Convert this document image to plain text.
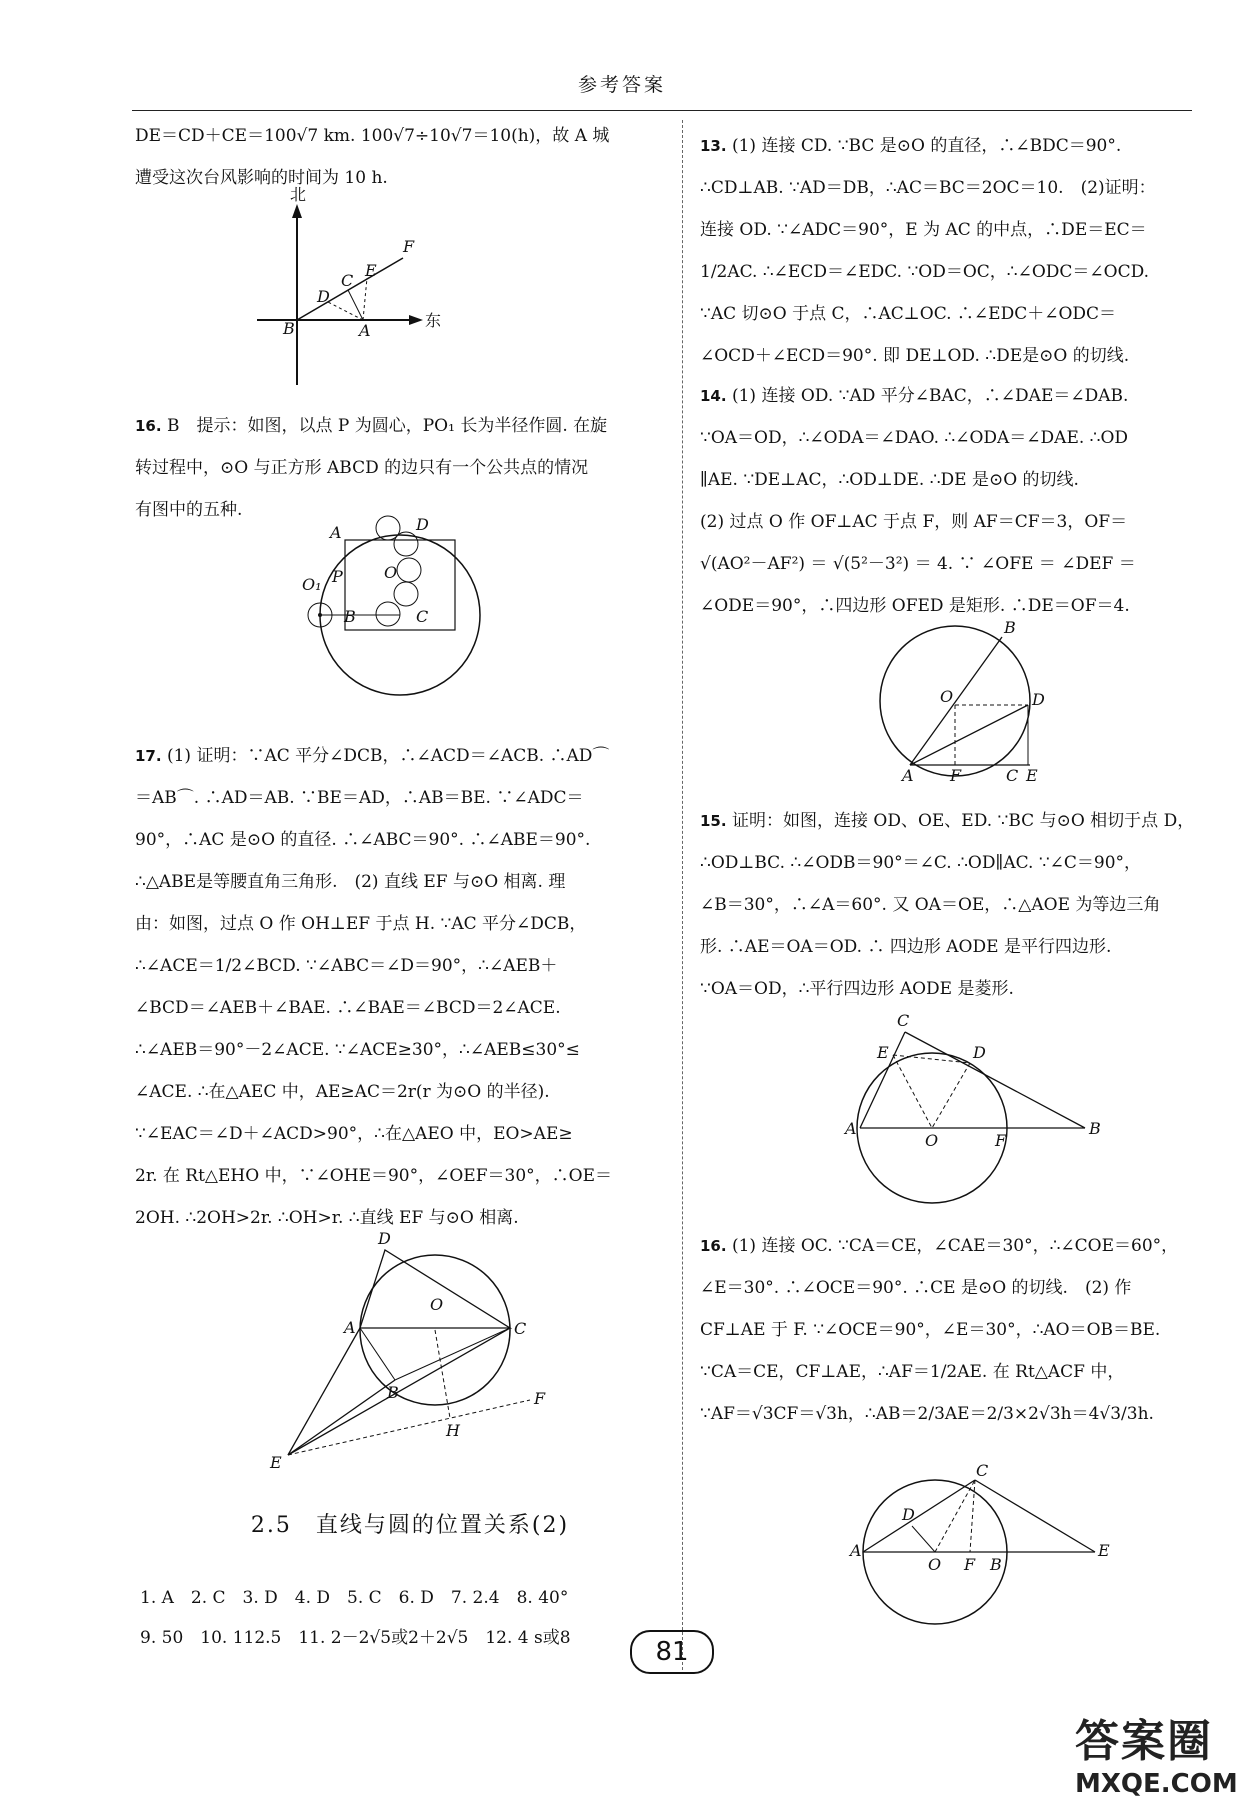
参考答案

DE＝CD＋CE＝100√7 km. 100√7÷10√7＝10(h)，故 A 城

遭受这次台风影响的时间为 10 h.

北
东
B	A
D
C
E
F

16. B　提示：如图，以点 P 为圆心，PO₁ 长为半径作圆. 在旋

转过程中，⊙O 与正方形 ABCD 的边只有一个公共点的情况

有图中的五种.

A	D
B	C
P	O
O₁

17. (1) 证明：∵AC 平分∠DCB，∴∠ACD＝∠ACB. ∴AD⌒

＝AB⌒. ∴AD＝AB. ∵BE＝AD，∴AB＝BE. ∵∠ADC＝

90°，∴AC 是⊙O 的直径. ∴∠ABC＝90°. ∴∠ABE＝90°.

∴△ABE是等腰直角三角形.　(2) 直线 EF 与⊙O 相离. 理

由：如图，过点 O 作 OH⊥EF 于点 H. ∵AC 平分∠DCB，

∴∠ACE＝1/2∠BCD. ∵∠ABC＝∠D＝90°，∴∠AEB＋

∠BCD＝∠AEB＋∠BAE. ∴∠BAE＝∠BCD＝2∠ACE.

∴∠AEB＝90°－2∠ACE. ∵∠ACE≥30°，∴∠AEB≤30°≤

∠ACE. ∴在△AEC 中，AE≥AC＝2r(r 为⊙O 的半径).

∵∠EAC＝∠D＋∠ACD>90°，∴在△AEO 中，EO>AE≥

2r. 在 Rt△EHO 中，∵∠OHE＝90°，∠OEF＝30°，∴OE＝

2OH. ∴2OH>2r. ∴OH>r. ∴直线 EF 与⊙O 相离.

D
A
O
C
B
H
F
E
2.5　直线与圆的位置关系(2)
1. A　2. C　3. D　4. D　5. C　6. D　7. 2.4　8. 40°
9. 50　10. 112.5　11. 2－2√5或2＋2√5　12. 4 s或8

13. (1) 连接 CD. ∵BC 是⊙O 的直径，∴∠BDC＝90°.

∴CD⊥AB. ∵AD＝DB，∴AC＝BC＝2OC＝10.　(2)证明：

连接 OD. ∵∠ADC＝90°，E 为 AC 的中点，∴DE＝EC＝

1/2AC. ∴∠ECD＝∠EDC. ∵OD＝OC，∴∠ODC＝∠OCD.

∵AC 切⊙O 于点 C，∴AC⊥OC. ∴∠EDC＋∠ODC＝

∠OCD＋∠ECD＝90°. 即 DE⊥OD. ∴DE是⊙O 的切线.

14. (1) 连接 OD. ∵AD 平分∠BAC，∴∠DAE＝∠DAB.

∵OA＝OD，∴∠ODA＝∠DAO. ∴∠ODA＝∠DAE. ∴OD

∥AE. ∵DE⊥AC，∴OD⊥DE. ∴DE 是⊙O 的切线.

(2) 过点 O 作 OF⊥AC 于点 F，则 AF＝CF＝3，OF＝

√(AO²－AF²) ＝ √(5²－3²) ＝ 4. ∵ ∠OFE ＝ ∠DEF ＝

∠ODE＝90°，∴四边形 OFED 是矩形. ∴DE＝OF＝4.

B
O	D
A F	C E

15. 证明：如图，连接 OD、OE、ED. ∵BC 与⊙O 相切于点 D，

∴OD⊥BC. ∴∠ODB＝90°＝∠C. ∴OD∥AC. ∵∠C＝90°，

∠B＝30°，∴∠A＝60°. 又 OA＝OE，∴△AOE 为等边三角

形. ∴AE＝OA＝OD. ∴ 四边形 AODE 是平行四边形.

∵OA＝OD，∴平行四边形 AODE 是菱形.

C
E	D
A
O	F
B

16. (1) 连接 OC. ∵CA＝CE，∠CAE＝30°，∴∠COE＝60°，

∠E＝30°. ∴∠OCE＝90°. ∴CE 是⊙O 的切线.　(2) 作

CF⊥AE 于 F. ∵∠OCE＝90°，∠E＝30°，∴AO＝OB＝BE.

∵CA＝CE，CF⊥AE，∴AF＝1/2AE. 在 Rt△ACF 中，

∵AF＝√3CF＝√3h，∴AB＝2/3AE＝2/3×2√3h＝4√3/3h.

C
D
A
O F B
E
81
答案圈
MXQE.COM
